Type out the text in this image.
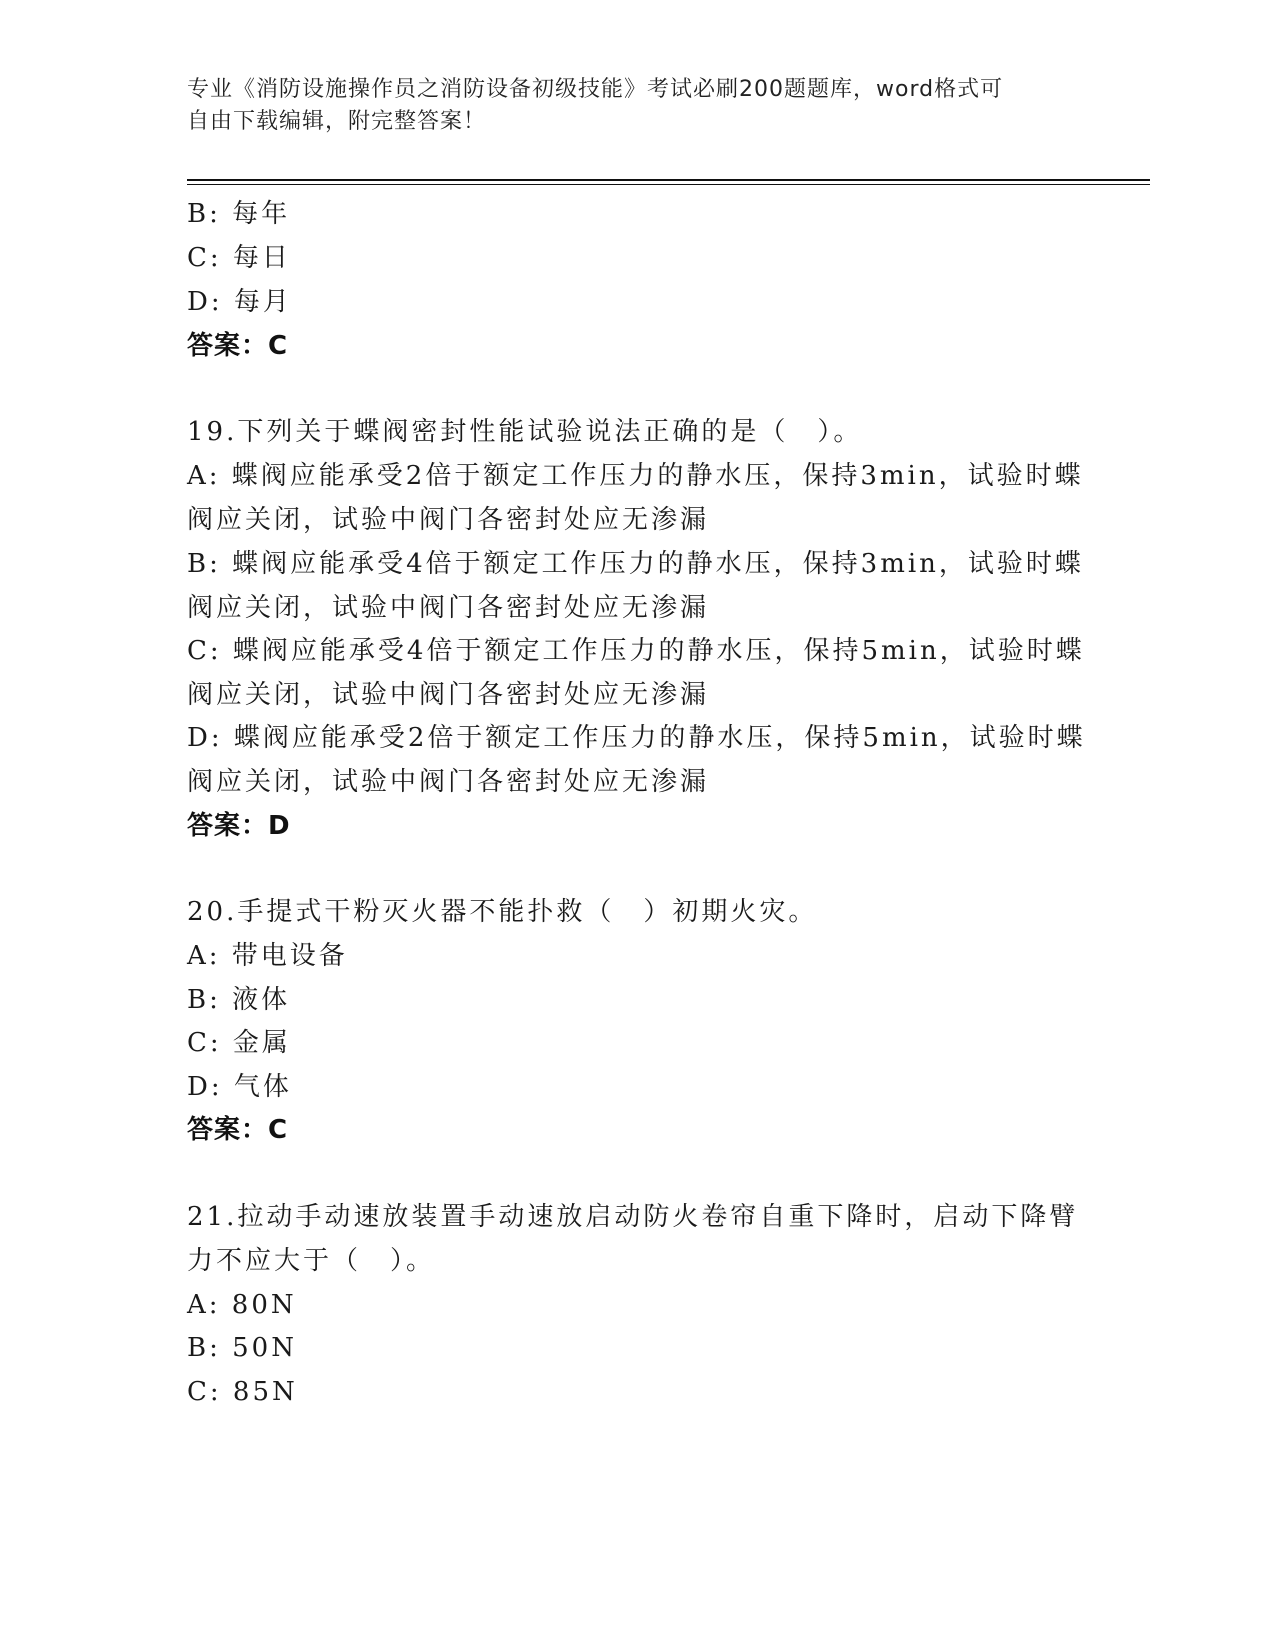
专业《消防设施操作员之消防设备初级技能》考试必刷200题题库，word格式可
自由下载编辑，附完整答案！
B: 每年
C: 每日
D: 每月
答案：C
19.下列关于蝶阀密封性能试验说法正确的是（　）。
A: 蝶阀应能承受2倍于额定工作压力的静水压，保持3min，试验时蝶
阀应关闭，试验中阀门各密封处应无渗漏
B: 蝶阀应能承受4倍于额定工作压力的静水压，保持3min，试验时蝶
阀应关闭，试验中阀门各密封处应无渗漏
C: 蝶阀应能承受4倍于额定工作压力的静水压，保持5min，试验时蝶
阀应关闭，试验中阀门各密封处应无渗漏
D: 蝶阀应能承受2倍于额定工作压力的静水压，保持5min，试验时蝶
阀应关闭，试验中阀门各密封处应无渗漏
答案：D
20.手提式干粉灭火器不能扑救（　）初期火灾。
A: 带电设备
B: 液体
C: 金属
D: 气体
答案：C
21.拉动手动速放装置手动速放启动防火卷帘自重下降时，启动下降臂
力不应大于（　）。
A: 80N
B: 50N
C: 85N
